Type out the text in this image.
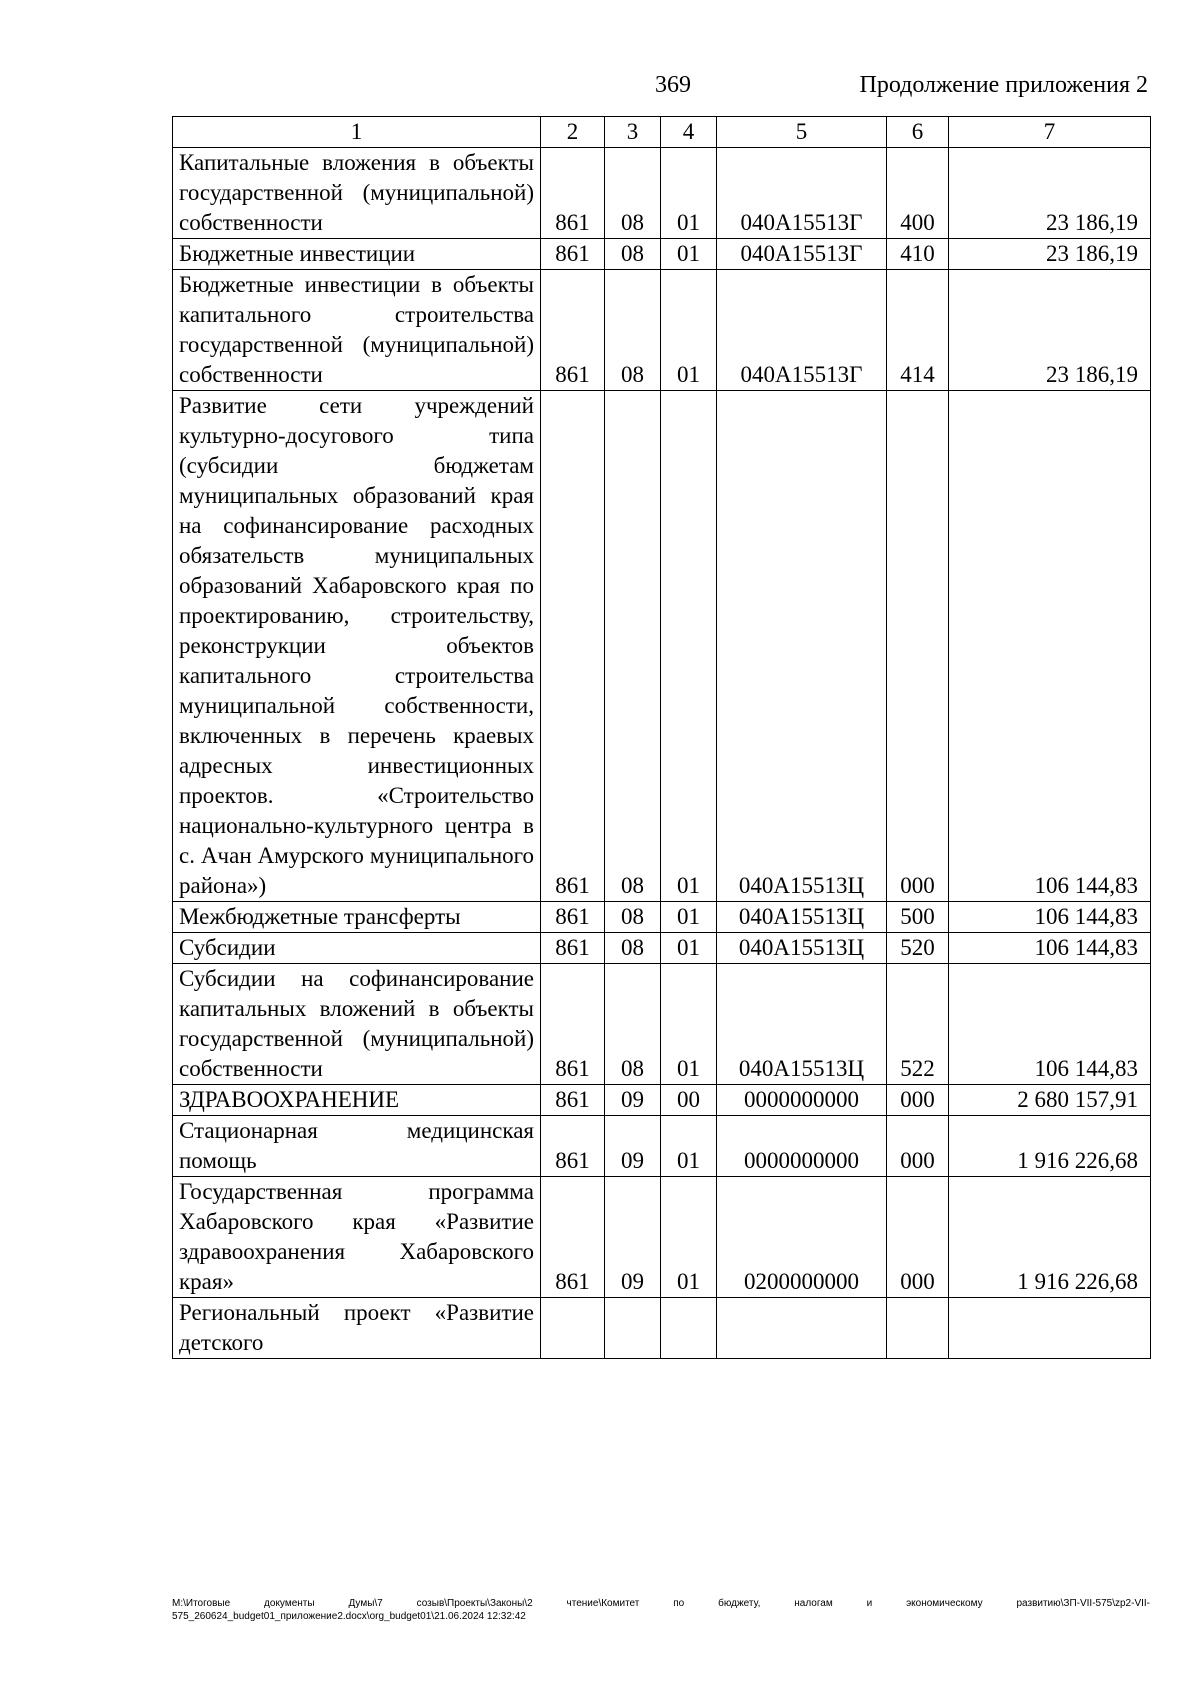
369	Продолжение приложения 2
1	2	3	4	5	6	7
Капитальные вложения в объекты государственной (муниципальной) собственности	861	08	01	040A15513Г	400	23 186,19
Бюджетные инвестиции	861	08	01	040A15513Г	410	23 186,19
Бюджетные инвестиции в объекты капитального строительства государственной (муниципальной) собственности	861	08	01	040A15513Г	414	23 186,19
Развитие сети учреждений культурно-досугового типа (субсидии бюджетам муниципальных образований края на софинансирование расходных обязательств муниципальных образований Хабаровского края по проектированию, строительству, реконструкции объектов капитального строительства муниципальной собственности, включенных в перечень краевых адресных инвестиционных проектов. «Строительство национально-культурного центра в с. Ачан Амурского муниципального района»)	861	08	01	040A15513Ц	000	106 144,83
Межбюджетные трансферты	861	08	01	040A15513Ц	500	106 144,83
Субсидии	861	08	01	040A15513Ц	520	106 144,83
Субсидии на софинансирование капитальных вложений в объекты государственной (муниципальной) собственности	861	08	01	040A15513Ц	522	106 144,83
ЗДРАВООХРАНЕНИЕ	861	09	00	0000000000	000	2 680 157,91
Стационарная медицинская помощь	861	09	01	0000000000	000	1 916 226,68
Государственная программа Хабаровского края «Развитие здравоохранения Хабаровского края»	861	09	01	0200000000	000	1 916 226,68
Региональный проект «Развитие детского						
M:\Итоговые документы Думы\7 созыв\Проекты\Законы\2 чтение\Комитет по бюджету, налогам и экономическому развитию\ЗП-VII-575\zp2-VII-575_260624_budget01_приложение2.docx\org_budget01\21.06.2024 12:32:42
